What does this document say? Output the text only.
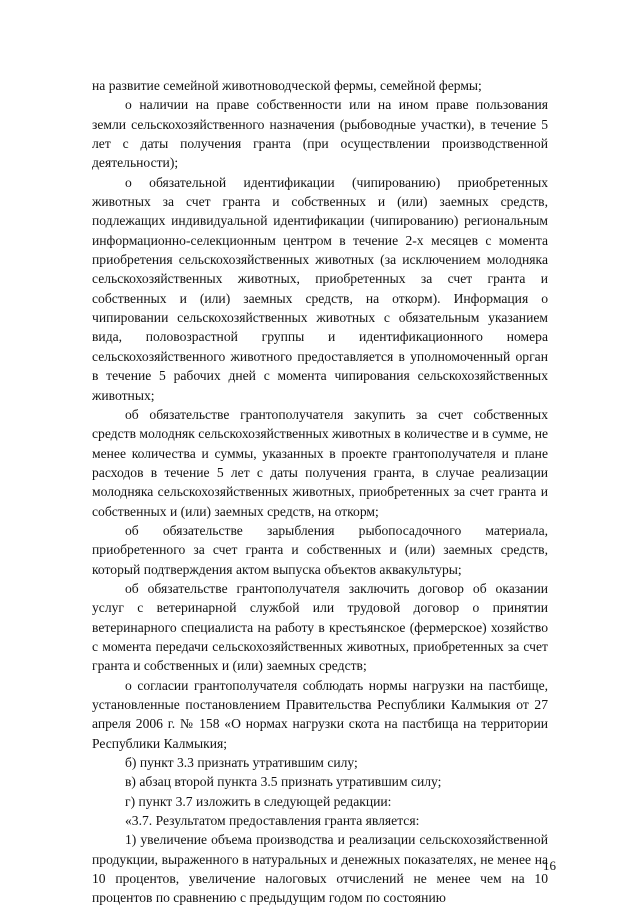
на развитие семейной животноводческой фермы, семейной фермы;

о наличии на праве собственности или на ином праве пользования земли сельскохозяйственного назначения (рыбоводные участки), в течение 5 лет с даты получения гранта (при осуществлении производственной деятельности);

о обязательной идентификации (чипированию) приобретенных животных за счет гранта и собственных и (или) заемных средств, подлежащих индивидуальной идентификации (чипированию) региональным информационно-селекционным центром в течение 2-х месяцев с момента приобретения сельскохозяйственных животных (за исключением молодняка сельскохозяйственных животных, приобретенных за счет гранта и собственных и (или) заемных средств, на откорм). Информация о чипировании сельскохозяйственных животных с обязательным указанием вида, половозрастной группы и идентификационного номера сельскохозяйственного животного предоставляется в уполномоченный орган в течение 5 рабочих дней с момента чипирования сельскохозяйственных животных;

об обязательстве грантополучателя закупить за счет собственных средств молодняк сельскохозяйственных животных в количестве и в сумме, не менее количества и суммы, указанных в проекте грантополучателя и плане расходов в течение 5 лет с даты получения гранта, в случае реализации молодняка сельскохозяйственных животных, приобретенных за счет гранта и собственных и (или) заемных средств, на откорм;

об обязательстве зарыбления рыбопосадочного материала, приобретенного за счет гранта и собственных и (или) заемных средств, который подтверждения актом выпуска объектов аквакультуры;

об обязательстве грантополучателя заключить договор об оказании услуг с ветеринарной службой или трудовой договор о принятии ветеринарного специалиста на работу в крестьянское (фермерское) хозяйство с момента передачи сельскохозяйственных животных, приобретенных за счет гранта и собственных и (или) заемных средств;

о согласии грантополучателя соблюдать нормы нагрузки на пастбище, установленные постановлением Правительства Республики Калмыкия от 27 апреля 2006 г. № 158 «О нормах нагрузки скота на пастбища на территории Республики Калмыкия;

б) пункт 3.3 признать утратившим силу;

в) абзац второй пункта 3.5 признать утратившим силу;

г) пункт 3.7 изложить в следующей редакции:

«3.7. Результатом предоставления гранта является:

1) увеличение объема производства и реализации сельскохозяйственной продукции, выраженного в натуральных и денежных показателях, не менее на 10 процентов, увеличение налоговых отчислений не менее чем на 10 процентов по сравнению с предыдущим годом по состоянию

16
